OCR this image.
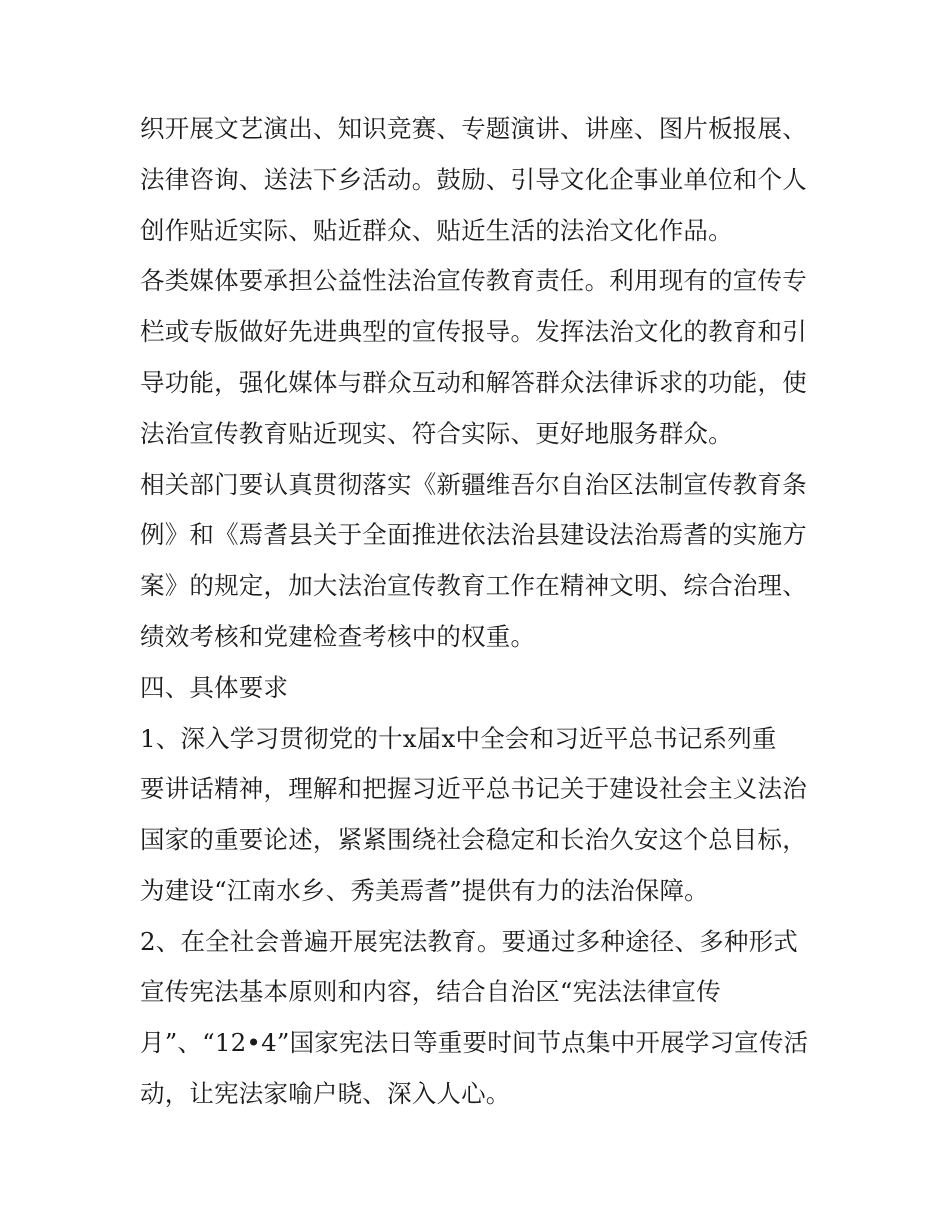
织开展文艺演出、知识竞赛、专题演讲、讲座、图片板报展、
法律咨询、送法下乡活动。鼓励、引导文化企事业单位和个人
创作贴近实际、贴近群众、贴近生活的法治文化作品。
各类媒体要承担公益性法治宣传教育责任。利用现有的宣传专
栏或专版做好先进典型的宣传报导。发挥法治文化的教育和引
导功能，强化媒体与群众互动和解答群众法律诉求的功能，使
法治宣传教育贴近现实、符合实际、更好地服务群众。
相关部门要认真贯彻落实《新疆维吾尔自治区法制宣传教育条
例》和《焉耆县关于全面推进依法治县建设法治焉耆的实施方
案》的规定，加大法治宣传教育工作在精神文明、综合治理、
绩效考核和党建检查考核中的权重。
四、具体要求
1、深入学习贯彻党的十x届x中全会和习近平总书记系列重
要讲话精神，理解和把握习近平总书记关于建设社会主义法治
国家的重要论述，紧紧围绕社会稳定和长治久安这个总目标，
为建设“江南水乡、秀美焉耆”提供有力的法治保障。
2、在全社会普遍开展宪法教育。要通过多种途径、多种形式
宣传宪法基本原则和内容，结合自治区“宪法法律宣传
月”、“12•4”国家宪法日等重要时间节点集中开展学习宣传活
动，让宪法家喻户晓、深入人心。
